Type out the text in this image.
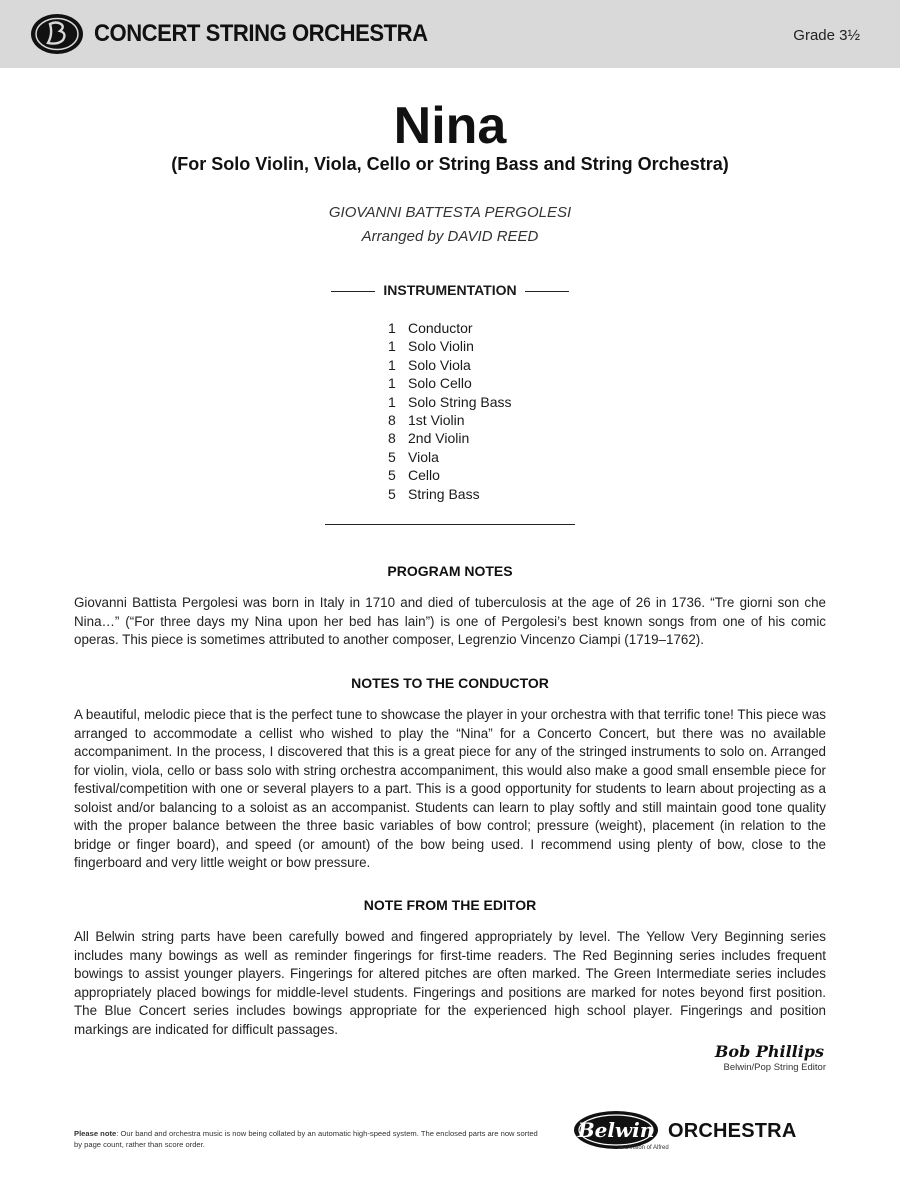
CONCERT STRING ORCHESTRA	Grade 3½
Nina
(For Solo Violin, Viola, Cello or String Bass and String Orchestra)
GIOVANNI BATTESTA PERGOLESI
Arranged by DAVID REED
INSTRUMENTATION
1 Conductor
1 Solo Violin
1 Solo Viola
1 Solo Cello
1 Solo String Bass
8 1st Violin
8 2nd Violin
5 Viola
5 Cello
5 String Bass
PROGRAM NOTES
Giovanni Battista Pergolesi was born in Italy in 1710 and died of tuberculosis at the age of 26 in 1736. “Tre giorni son che Nina…” (“For three days my Nina upon her bed has lain”) is one of Pergolesi’s best known songs from one of his comic operas. This piece is sometimes attributed to another composer, Legrenzio Vincenzo Ciampi (1719–1762).
NOTES TO THE CONDUCTOR
A beautiful, melodic piece that is the perfect tune to showcase the player in your orchestra with that terrific tone! This piece was arranged to accommodate a cellist who wished to play the “Nina” for a Concerto Concert, but there was no available accompaniment. In the process, I discovered that this is a great piece for any of the stringed instruments to solo on. Arranged for violin, viola, cello or bass solo with string orchestra accompaniment, this would also make a good small ensemble piece for festival/competition with one or several players to a part. This is a good opportunity for students to learn about projecting as a soloist and/or balancing to a soloist as an accompanist. Students can learn to play softly and still maintain good tone quality with the proper balance between the three basic variables of bow control; pressure (weight), placement (in relation to the bridge or finger board), and speed (or amount) of the bow being used. I recommend using plenty of bow, close to the fingerboard and very little weight or bow pressure.
NOTE FROM THE EDITOR
All Belwin string parts have been carefully bowed and fingered appropriately by level. The Yellow Very Beginning series includes many bowings as well as reminder fingerings for first-time readers. The Red Beginning series includes frequent bowings to assist younger players. Fingerings for altered pitches are often marked. The Green Intermediate series includes appropriately placed bowings for middle-level students. Fingerings and positions are marked for notes beyond first position. The Blue Concert series includes bowings appropriate for the experienced high school player. Fingerings and position markings are indicated for difficult passages.
Bob Phillips
Belwin/Pop String Editor
Please note: Our band and orchestra music is now being collated by an automatic high-speed system. The enclosed parts are now sorted by page count, rather than score order.
Belwin ORCHESTRA
a division of Alfred
